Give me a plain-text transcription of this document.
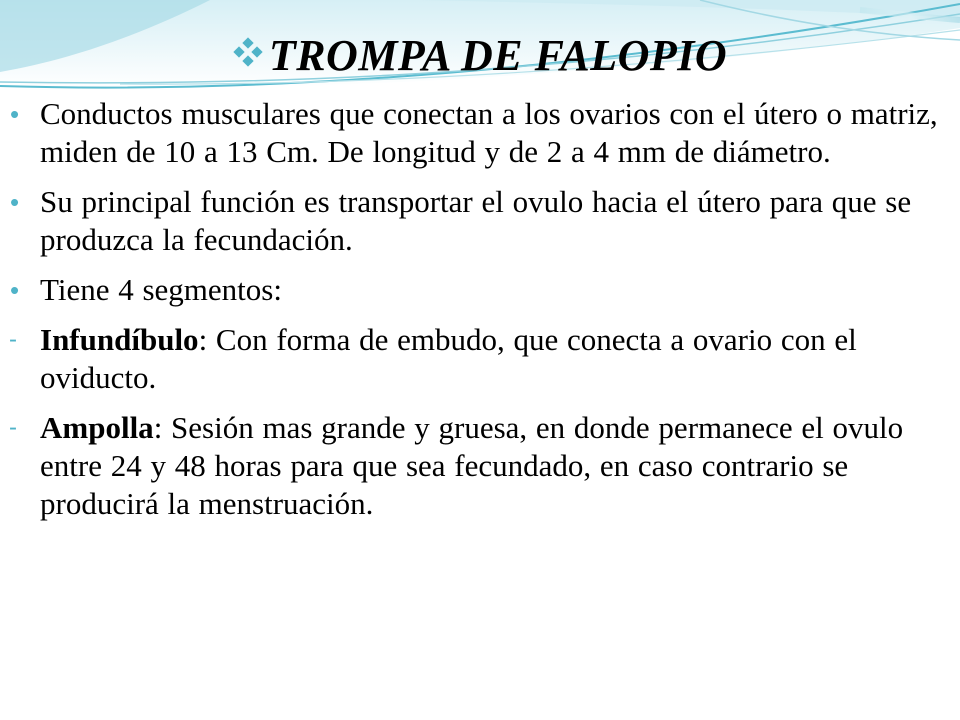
TROMPA DE FALOPIO
• Conductos musculares que conectan a los ovarios con el útero o matriz, miden de 10 a 13 Cm. De longitud y de 2 a 4 mm de diámetro.
• Su principal función es transportar el ovulo hacia el útero para que se produzca la fecundación.
• Tiene 4 segmentos:
- Infundíbulo: Con forma de embudo, que conecta a ovario con el oviducto.
- Ampolla: Sesión mas grande y gruesa, en donde permanece el ovulo entre 24 y 48 horas para que sea fecundado, en caso contrario se producirá la menstruación.
